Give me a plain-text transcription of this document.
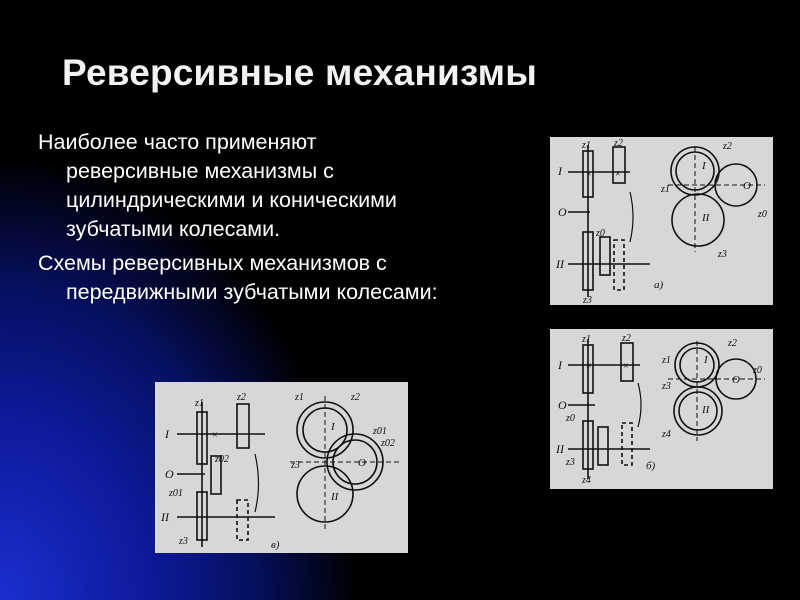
Реверсивные механизмы
Наиболее часто применяют
реверсивные механизмы с цилиндрическими и коническими зубчатыми колесами.
Схемы реверсивных механизмов с
передвижными зубчатыми колесами:
× ×
I
O
II
z1 z2
z0
z3
I
O
II
z1
z2
z0
z3
а)
×	×
I
O
II
z1	z2
z0
z3
z4
I
O
II
z1
z2
z0
z3
z4
б)
×
I
O
II
z1
z2
z02
z01
z3
I
O
II
z1	z2
z01
z02
z3
в)
